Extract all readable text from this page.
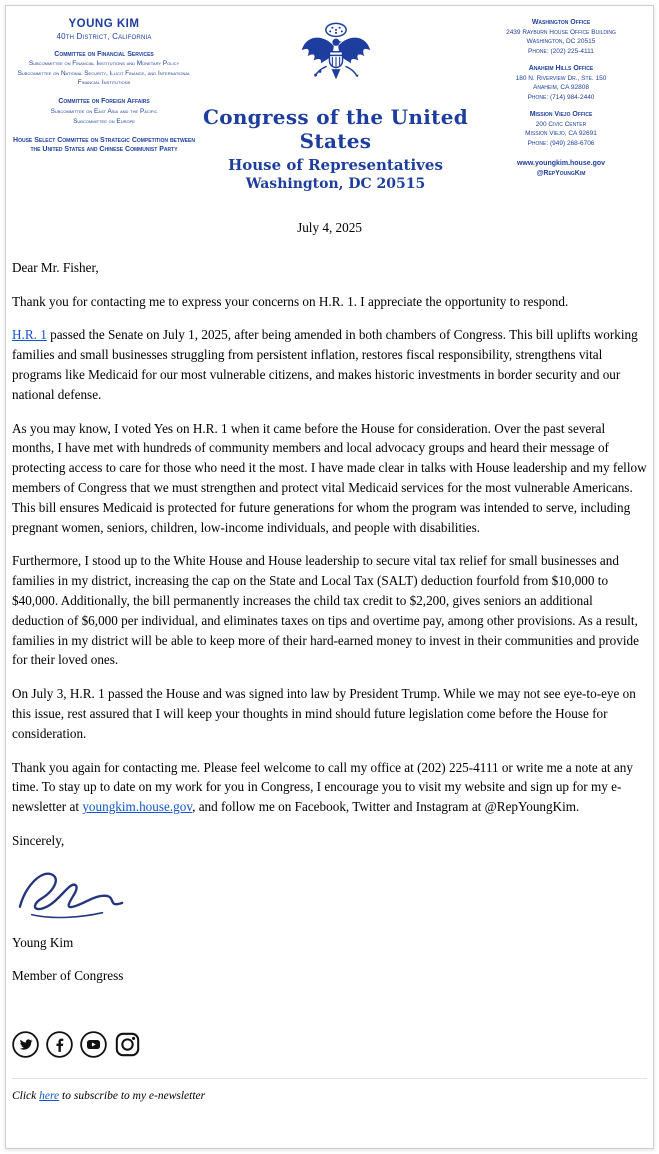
YOUNG KIM
40th District, California
Committee on Financial Services
Subcommittee on Financial Institutions and Monetary Policy
Subcommittee on National Security, Illicit Finance, and International Financial Institutions
Committee on Foreign Affairs
Subcommittee on East Asia and the Pacific
Subcommittee on Europe
House Select Committee on Strategic Competition between the United States and Chinese Communist Party
Congress of the United States
House of Representatives
Washington, DC 20515
Washington Office
2439 Rayburn House Office Building
Washington, DC 20515
Phone: (202) 225-4111
Anaheim Hills Office
180 N. Riverview Dr., Ste. 150
Anaheim, CA 92808
Phone: (714) 984-2440
Mission Viejo Office
200 Civic Center
Mission Viejo, CA 92691
Phone: (949) 268-6706
www.youngkim.house.gov
@RepYoungKim
July 4, 2025

Dear Mr. Fisher,

Thank you for contacting me to express your concerns on H.R. 1. I appreciate the opportunity to respond.

H.R. 1 passed the Senate on July 1, 2025, after being amended in both chambers of Congress. This bill uplifts working families and small businesses struggling from persistent inflation, restores fiscal responsibility, strengthens vital programs like Medicaid for our most vulnerable citizens, and makes historic investments in border security and our national defense.

As you may know, I voted Yes on H.R. 1 when it came before the House for consideration. Over the past several months, I have met with hundreds of community members and local advocacy groups and heard their message of protecting access to care for those who need it the most. I have made clear in talks with House leadership and my fellow members of Congress that we must strengthen and protect vital Medicaid services for the most vulnerable Americans. This bill ensures Medicaid is protected for future generations for whom the program was intended to serve, including pregnant women, seniors, children, low-income individuals, and people with disabilities.

Furthermore, I stood up to the White House and House leadership to secure vital tax relief for small businesses and families in my district, increasing the cap on the State and Local Tax (SALT) deduction fourfold from $10,000 to $40,000. Additionally, the bill permanently increases the child tax credit to $2,200, gives seniors an additional deduction of $6,000 per individual, and eliminates taxes on tips and overtime pay, among other provisions. As a result, families in my district will be able to keep more of their hard-earned money to invest in their communities and provide for their loved ones.

On July 3, H.R. 1 passed the House and was signed into law by President Trump. While we may not see eye-to-eye on this issue, rest assured that I will keep your thoughts in mind should future legislation come before the House for consideration.

Thank you again for contacting me. Please feel welcome to call my office at (202) 225-4111 or write me a note at any time. To stay up to date on my work for you in Congress, I encourage you to visit my website and sign up for my e-newsletter at youngkim.house.gov, and follow me on Facebook, Twitter and Instagram at @RepYoungKim.

Sincerely,

Young Kim

Member of Congress

Click here to subscribe to my e-newsletter
